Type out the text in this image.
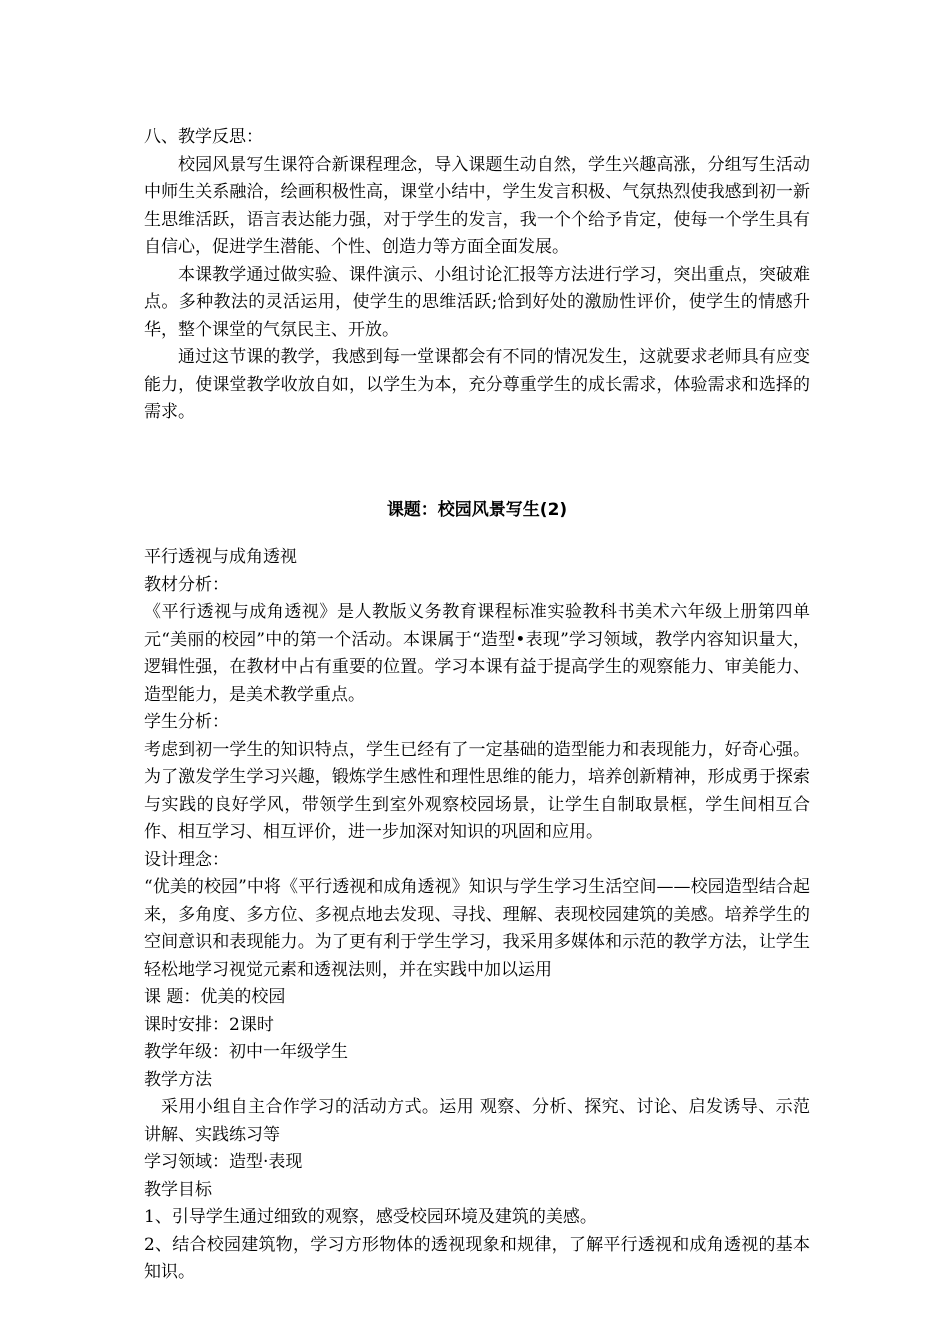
八、教学反思：

校园风景写生课符合新课程理念，导入课题生动自然，学生兴趣高涨，分组写生活动中师生关系融洽，绘画积极性高，课堂小结中，学生发言积极、气氛热烈使我感到初一新生思维活跃，语言表达能力强，对于学生的发言，我一个个给予肯定，使每一个学生具有自信心，促进学生潜能、个性、创造力等方面全面发展。

本课教学通过做实验、课件演示、小组讨论汇报等方法进行学习，突出重点，突破难点。多种教法的灵活运用，使学生的思维活跃;恰到好处的激励性评价，使学生的情感升华，整个课堂的气氛民主、开放。

通过这节课的教学，我感到每一堂课都会有不同的情况发生，这就要求老师具有应变能力，使课堂教学收放自如，以学生为本，充分尊重学生的成长需求，体验需求和选择的需求。

课题：校园风景写生(2)

平行透视与成角透视

教材分析：

《平行透视与成角透视》是人教版义务教育课程标准实验教科书美术六年级上册第四单元“美丽的校园”中的第一个活动。本课属于“造型•表现”学习领域，教学内容知识量大，逻辑性强，在教材中占有重要的位置。学习本课有益于提高学生的观察能力、审美能力、造型能力，是美术教学重点。

学生分析：

考虑到初一学生的知识特点，学生已经有了一定基础的造型能力和表现能力，好奇心强。为了激发学生学习兴趣，锻炼学生感性和理性思维的能力，培养创新精神，形成勇于探索与实践的良好学风，带领学生到室外观察校园场景，让学生自制取景框，学生间相互合作、相互学习、相互评价，进一步加深对知识的巩固和应用。

设计理念：

“优美的校园”中将《平行透视和成角透视》知识与学生学习生活空间——校园造型结合起来，多角度、多方位、多视点地去发现、寻找、理解、表现校园建筑的美感。培养学生的空间意识和表现能力。为了更有利于学生学习，我采用多媒体和示范的教学方法，让学生轻松地学习视觉元素和透视法则，并在实践中加以运用

课 题：优美的校园

课时安排：2课时

教学年级：初中一年级学生

教学方法

采用小组自主合作学习的活动方式。运用 观察、分析、探究、讨论、启发诱导、示范讲解、实践练习等

学习领域：造型·表现

教学目标

1、引导学生通过细致的观察，感受校园环境及建筑的美感。

2、结合校园建筑物，学习方形物体的透视现象和规律，了解平行透视和成角透视的基本知识。
